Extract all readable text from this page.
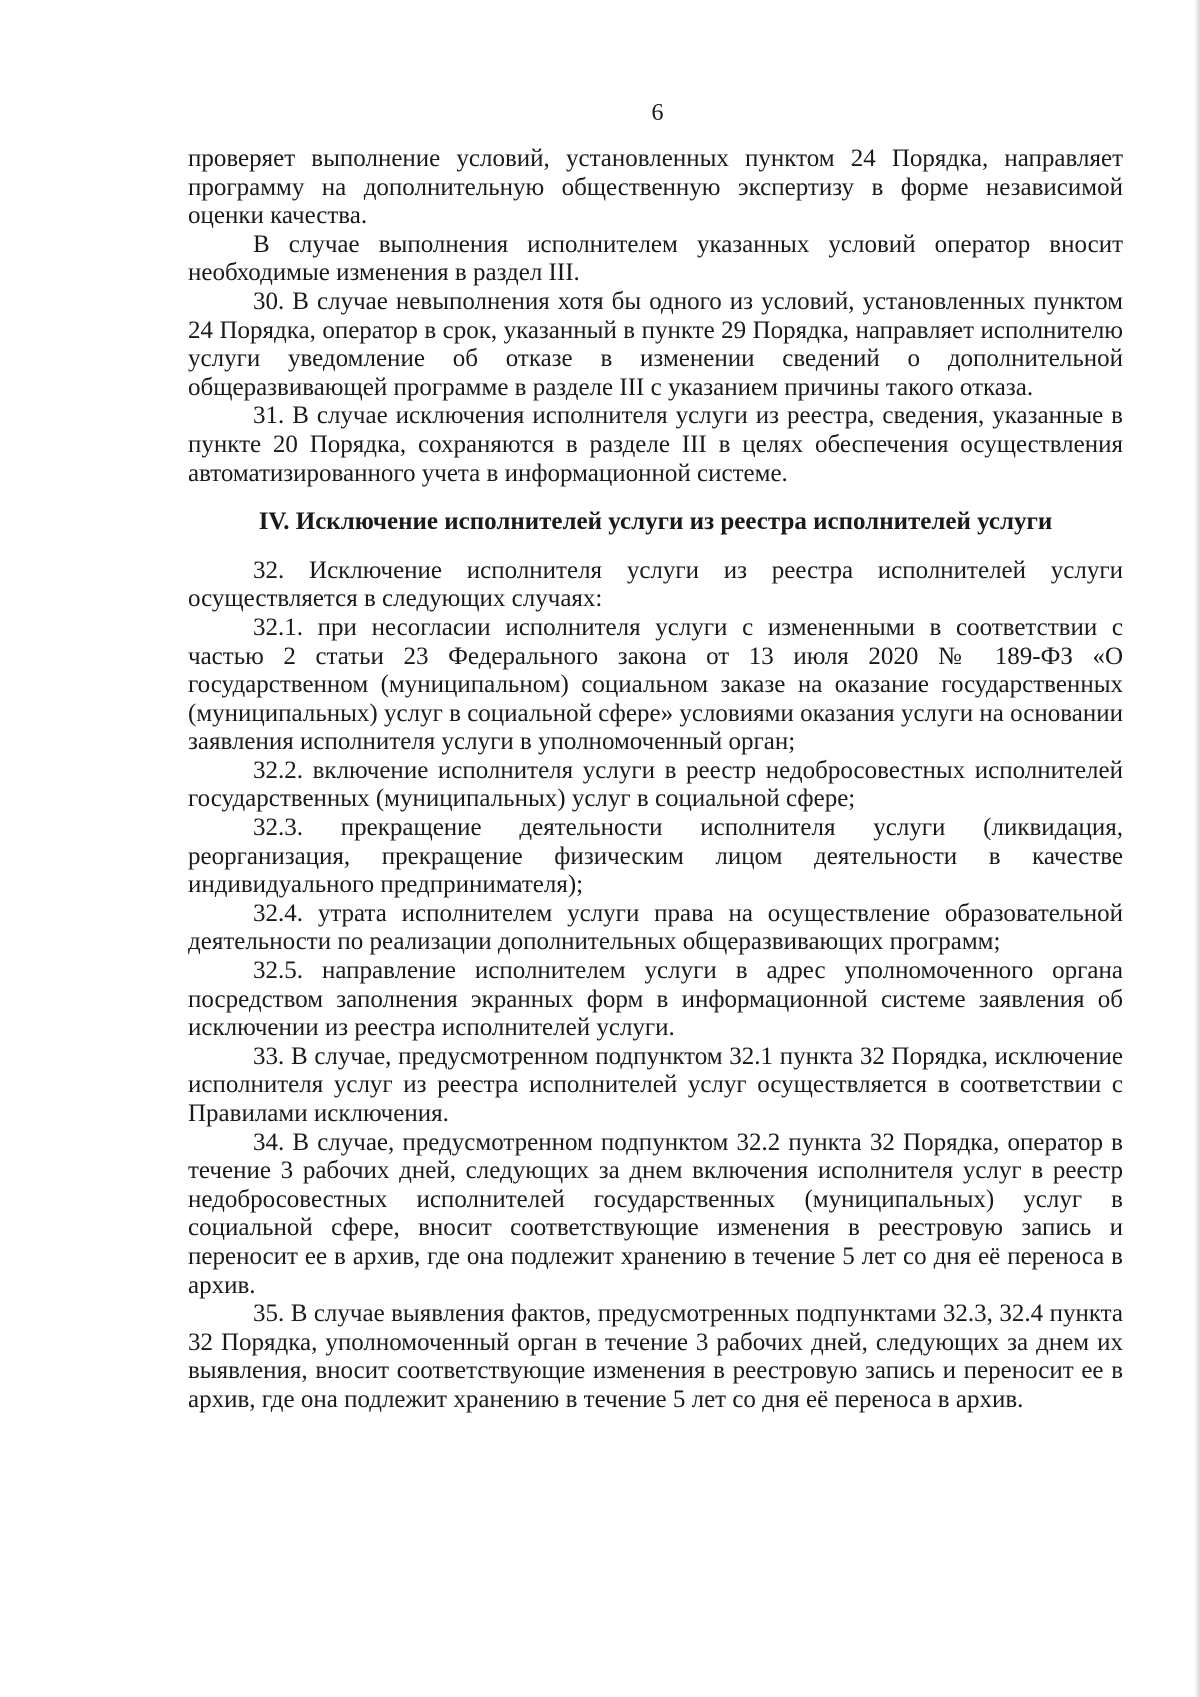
6

проверяет выполнение условий, установленных пунктом 24 Порядка, направляет программу на дополнительную общественную экспертизу в форме независимой оценки качества.

В случае выполнения исполнителем указанных условий оператор вносит необходимые изменения в раздел III.

30. В случае невыполнения хотя бы одного из условий, установленных пунктом 24 Порядка, оператор в срок, указанный в пункте 29 Порядка, направляет исполнителю услуги уведомление об отказе в изменении сведений о дополнительной общеразвивающей программе в разделе III с указанием причины такого отказа.

31. В случае исключения исполнителя услуги из реестра, сведения, указанные в пункте 20 Порядка, сохраняются в разделе III в целях обеспечения осуществления автоматизированного учета в информационной системе.

IV. Исключение исполнителей услуги из реестра исполнителей услуги

32. Исключение исполнителя услуги из реестра исполнителей услуги осуществляется в следующих случаях:

32.1. при несогласии исполнителя услуги с измененными в соответствии с частью 2 статьи 23 Федерального закона от 13 июля 2020 № 189-ФЗ «О государственном (муниципальном) социальном заказе на оказание государственных (муниципальных) услуг в социальной сфере» условиями оказания услуги на основании заявления исполнителя услуги в уполномоченный орган;

32.2. включение исполнителя услуги в реестр недобросовестных исполнителей государственных (муниципальных) услуг в социальной сфере;

32.3. прекращение деятельности исполнителя услуги (ликвидация, реорганизация, прекращение физическим лицом деятельности в качестве индивидуального предпринимателя);

32.4. утрата исполнителем услуги права на осуществление образовательной деятельности по реализации дополнительных общеразвивающих программ;

32.5. направление исполнителем услуги в адрес уполномоченного органа посредством заполнения экранных форм в информационной системе заявления об исключении из реестра исполнителей услуги.

33. В случае, предусмотренном подпунктом 32.1 пункта 32 Порядка, исключение исполнителя услуг из реестра исполнителей услуг осуществляется в соответствии с Правилами исключения.

34. В случае, предусмотренном подпунктом 32.2 пункта 32 Порядка, оператор в течение 3 рабочих дней, следующих за днем включения исполнителя услуг в реестр недобросовестных исполнителей государственных (муниципальных) услуг в социальной сфере, вносит соответствующие изменения в реестровую запись и переносит ее в архив, где она подлежит хранению в течение 5 лет со дня её переноса в архив.

35. В случае выявления фактов, предусмотренных подпунктами 32.3, 32.4 пункта 32 Порядка, уполномоченный орган в течение 3 рабочих дней, следующих за днем их выявления, вносит соответствующие изменения в реестровую запись и переносит ее в архив, где она подлежит хранению в течение 5 лет со дня её переноса в архив.
